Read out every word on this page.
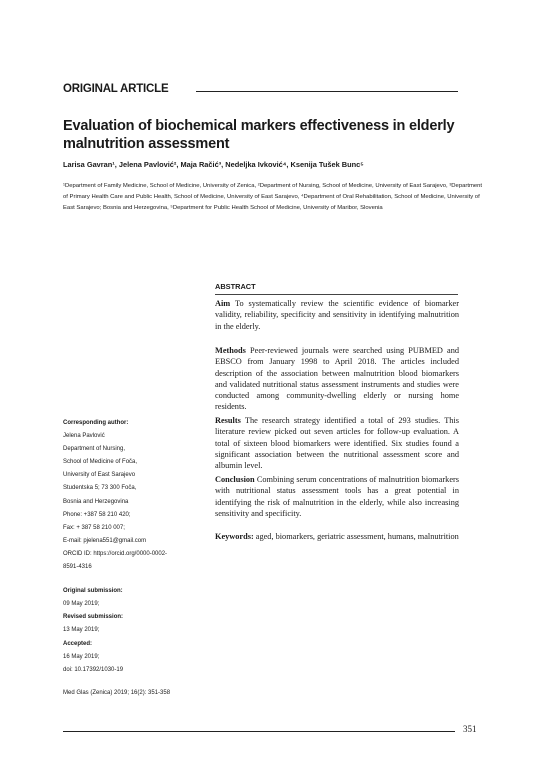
ORIGINAL ARTICLE
Evaluation of biochemical markers effectiveness in elderly malnutrition assessment
Larisa Gavran¹, Jelena Pavlović², Maja Račić³, Nedeljka Ivković⁴, Ksenija Tušek Bunc⁵
¹Department of Family Medicine, School of Medicine, University of Zenica, ²Department of Nursing, School of Medicine, University of East Sarajevo, ³Department of Primary Health Care and Public Health, School of Medicine, University of East Sarajevo, ⁴Department of Oral Rehabilitation, School of Medicine, University of East Sarajevo; Bosnia and Herzegovina, ⁵Department for Public Health School of Medicine, University of Maribor, Slovenia
ABSTRACT
Aim To systematically review the scientific evidence of biomarker validity, reliability, specificity and sensitivity in identifying malnutrition in the elderly.
Methods Peer-reviewed journals were searched using PUBMED and EBSCO from January 1998 to April 2018. The articles included description of the association between malnutrition blood biomarkers and validated nutritional status assessment instruments and studies were conducted among community-dwelling elderly or nursing home residents.
Results The research strategy identified a total of 293 studies. This literature review picked out seven articles for follow-up evaluation. A total of sixteen blood biomarkers were identified. Six studies found a significant association between the nutritional assessment score and albumin level.
Conclusion Combining serum concentrations of malnutrition biomarkers with nutritional status assessment tools has a great potential in identifying the risk of malnutrition in the elderly, while also increasing sensitivity and specificity.
Keywords: aged, biomarkers, geriatric assessment, humans, malnutrition
Corresponding author:
Jelena Pavlović
Department of Nursing,
School of Medicine of Foča,
University of East Sarajevo
Studentska 5; 73 300 Foča,
Bosnia and Herzegovina
Phone: +387 58 210 420;
Fax: + 387 58 210 007;
E-mail: pjelena551@gmail.com
ORCID ID: https://orcid.org/0000-0002-
8591-4316
Original submission:
09 May 2019;
Revised submission:
13 May 2019;
Accepted:
16 May 2019;
doi: 10.17392/1030-19
Med Glas (Zenica) 2019; 16(2): 351-358
351
